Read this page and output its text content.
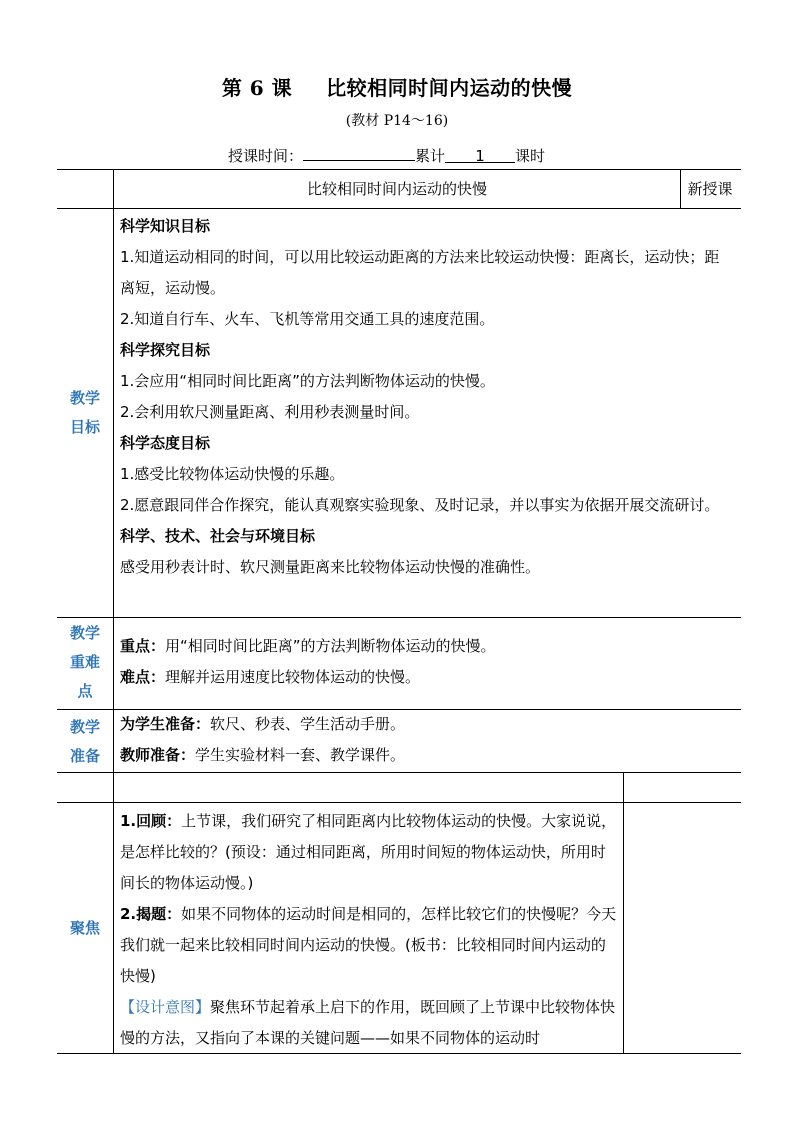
第 6 课 比较相同时间内运动的快慢
(教材 P14～16)
授课时间：	累计 1 课时
比较相同时间内运动的快慢	新授课
教学
目标
教学
重难
点
教学
准备
聚焦

科学知识目标

1.知道运动相同的时间，可以用比较运动距离的方法来比较运动快慢：距离长，运动快；距离短，运动慢。

2.知道自行车、火车、飞机等常用交通工具的速度范围。

科学探究目标

1.会应用“相同时间比距离”的方法判断物体运动的快慢。

2.会利用软尺测量距离、利用秒表测量时间。

科学态度目标

1.感受比较物体运动快慢的乐趣。

2.愿意跟同伴合作探究，能认真观察实验现象、及时记录，并以事实为依据开展交流研讨。

科学、技术、社会与环境目标

感受用秒表计时、软尺测量距离来比较物体运动快慢的准确性。

重点：用“相同时间比距离”的方法判断物体运动的快慢。

难点：理解并运用速度比较物体运动的快慢。

为学生准备：软尺、秒表、学生活动手册。

教师准备：学生实验材料一套、教学课件。

1.回顾：上节课，我们研究了相同距离内比较物体运动的快慢。大家说说，是怎样比较的？(预设：通过相同距离，所用时间短的物体运动快，所用时间长的物体运动慢。)

2.揭题：如果不同物体的运动时间是相同的，怎样比较它们的快慢呢？今天我们就一起来比较相同时间内运动的快慢。(板书：比较相同时间内运动的快慢)

【设计意图】聚焦环节起着承上启下的作用，既回顾了上节课中比较物体快慢的方法，又指向了本课的关键问题——如果不同物体的运动时
